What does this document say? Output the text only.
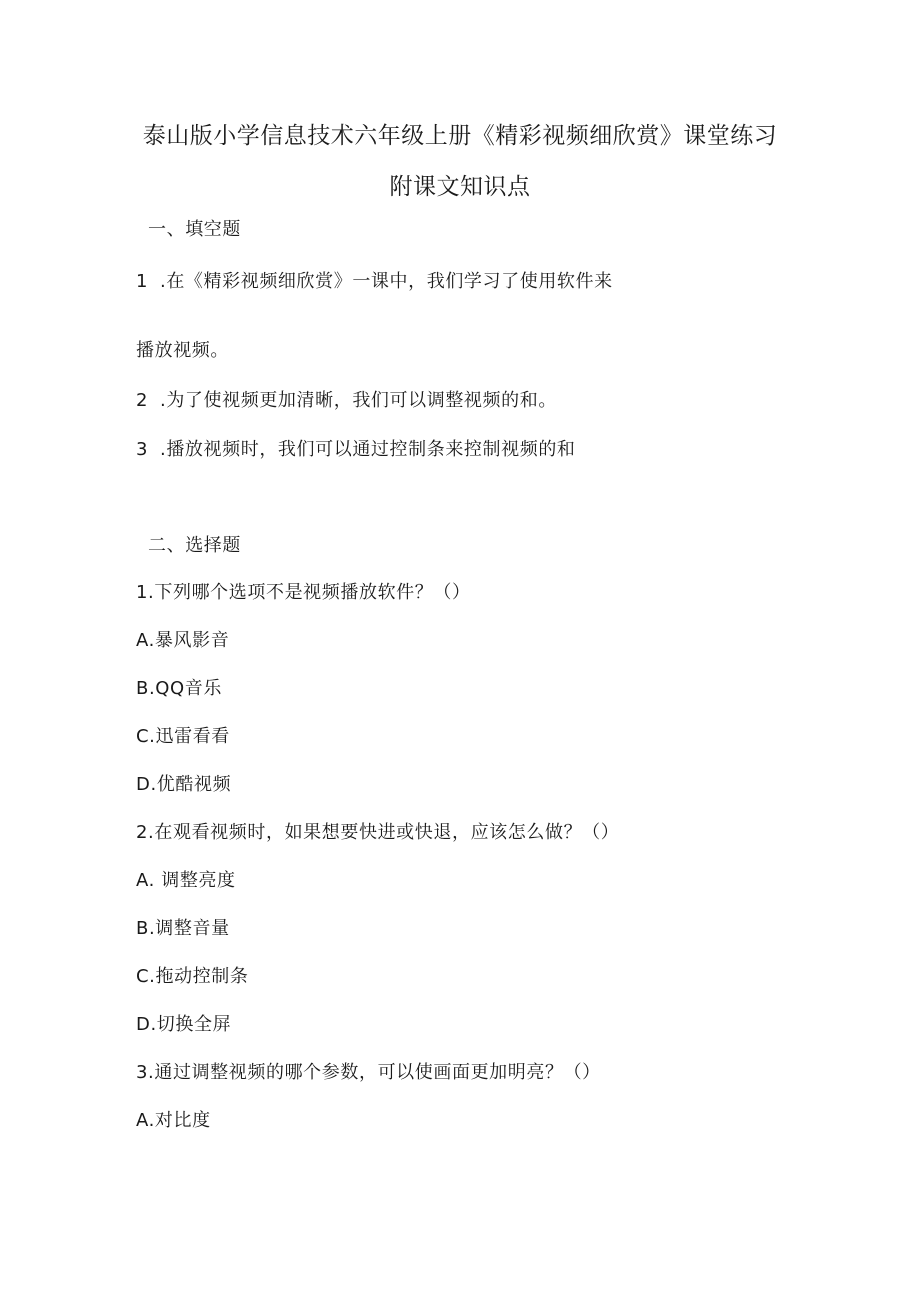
泰山版小学信息技术六年级上册《精彩视频细欣赏》课堂练习
附课文知识点
一、填空题
1 .在《精彩视频细欣赏》一课中，我们学习了使用软件来
播放视频。
2 .为了使视频更加清晰，我们可以调整视频的和。
3 .播放视频时，我们可以通过控制条来控制视频的和
二、选择题
1.下列哪个选项不是视频播放软件？（）
A.暴风影音
B.QQ音乐
C.迅雷看看
D.优酷视频
2.在观看视频时，如果想要快进或快退，应该怎么做？（）
A. 调整亮度
B.调整音量
C.拖动控制条
D.切换全屏
3.通过调整视频的哪个参数，可以使画面更加明亮？（）
A.对比度
